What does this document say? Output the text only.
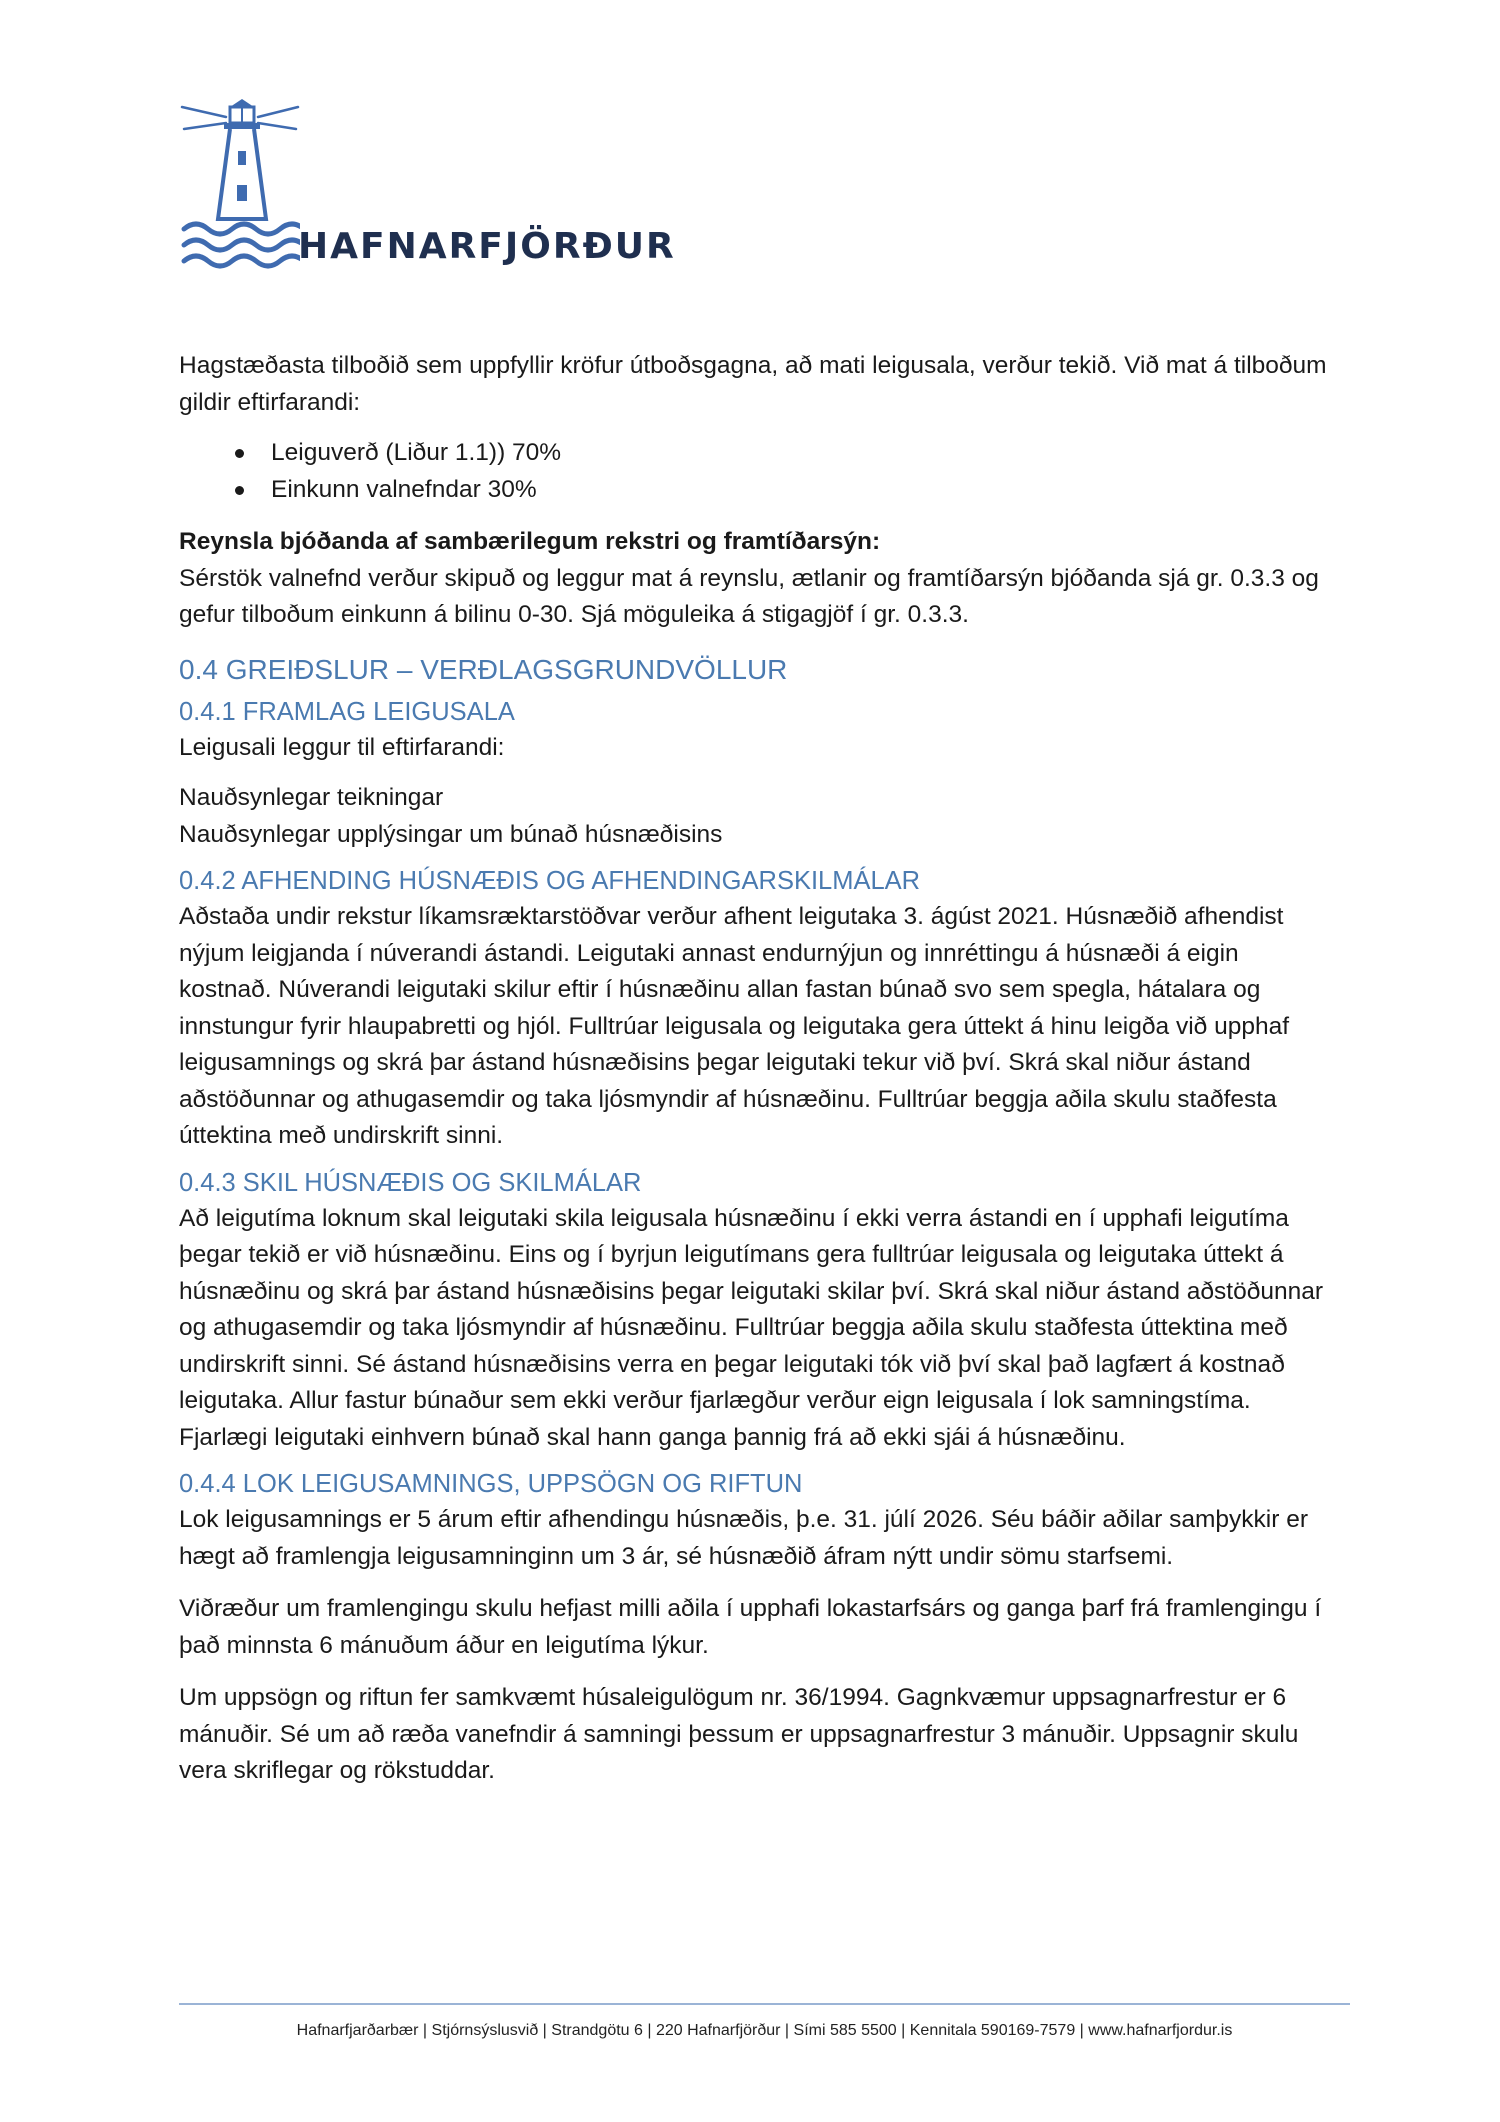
HAFNARFJÖRÐUR

Hagstæðasta tilboðið sem uppfyllir kröfur útboðsgagna, að mati leigusala, verður tekið. Við mat á tilboðum gildir eftirfarandi:

Leiguverð (Liður 1.1)) 70%
Einkunn valnefndar 30%

Reynsla bjóðanda af sambærilegum rekstri og framtíðarsýn:

Sérstök valnefnd verður skipuð og leggur mat á reynslu, ætlanir og framtíðarsýn bjóðanda sjá gr. 0.3.3 og gefur tilboðum einkunn á bilinu 0-30. Sjá möguleika á stigagjöf í gr. 0.3.3.

0.4 GREIÐSLUR – VERÐLAGSGRUNDVÖLLUR
0.4.1 FRAMLAG LEIGUSALA

Leigusali leggur til eftirfarandi:

Nauðsynlegar teikningar

Nauðsynlegar upplýsingar um búnað húsnæðisins

0.4.2 AFHENDING HÚSNÆÐIS OG AFHENDINGARSKILMÁLAR

Aðstaða undir rekstur líkamsræktarstöðvar verður afhent leigutaka 3. ágúst 2021. Húsnæðið afhendist nýjum leigjanda í núverandi ástandi. Leigutaki annast endurnýjun og innréttingu á húsnæði á eigin kostnað. Núverandi leigutaki skilur eftir í húsnæðinu allan fastan búnað svo sem spegla, hátalara og innstungur fyrir hlaupabretti og hjól. Fulltrúar leigusala og leigutaka gera úttekt á hinu leigða við upphaf leigusamnings og skrá þar ástand húsnæðisins þegar leigutaki tekur við því. Skrá skal niður ástand aðstöðunnar og athugasemdir og taka ljósmyndir af húsnæðinu. Fulltrúar beggja aðila skulu staðfesta úttektina með undirskrift sinni.

0.4.3 SKIL HÚSNÆÐIS OG SKILMÁLAR

Að leigutíma loknum skal leigutaki skila leigusala húsnæðinu í ekki verra ástandi en í upphafi leigutíma þegar tekið er við húsnæðinu. Eins og í byrjun leigutímans gera fulltrúar leigusala og leigutaka úttekt á húsnæðinu og skrá þar ástand húsnæðisins þegar leigutaki skilar því. Skrá skal niður ástand aðstöðunnar og athugasemdir og taka ljósmyndir af húsnæðinu. Fulltrúar beggja aðila skulu staðfesta úttektina með undirskrift sinni. Sé ástand húsnæðisins verra en þegar leigutaki tók við því skal það lagfært á kostnað leigutaka. Allur fastur búnaður sem ekki verður fjarlægður verður eign leigusala í lok samningstíma. Fjarlægi leigutaki einhvern búnað skal hann ganga þannig frá að ekki sjái á húsnæðinu.

0.4.4 LOK LEIGUSAMNINGS, UPPSÖGN OG RIFTUN

Lok leigusamnings er 5 árum eftir afhendingu húsnæðis, þ.e. 31. júlí 2026. Séu báðir aðilar samþykkir er hægt að framlengja leigusamninginn um 3 ár, sé húsnæðið áfram nýtt undir sömu starfsemi.

Viðræður um framlengingu skulu hefjast milli aðila í upphafi lokastarfsárs og ganga þarf frá framlengingu í það minnsta 6 mánuðum áður en leigutíma lýkur.

Um uppsögn og riftun fer samkvæmt húsaleigulögum nr. 36/1994. Gagnkvæmur uppsagnarfrestur er 6 mánuðir. Sé um að ræða vanefndir á samningi þessum er uppsagnarfrestur 3 mánuðir. Uppsagnir skulu vera skriflegar og rökstuddar.

Hafnarfjarðarbær | Stjórnsýslusvið | Strandgötu 6 | 220 Hafnarfjörður | Sími 585 5500 | Kennitala 590169-7579 | www.hafnarfjordur.is
